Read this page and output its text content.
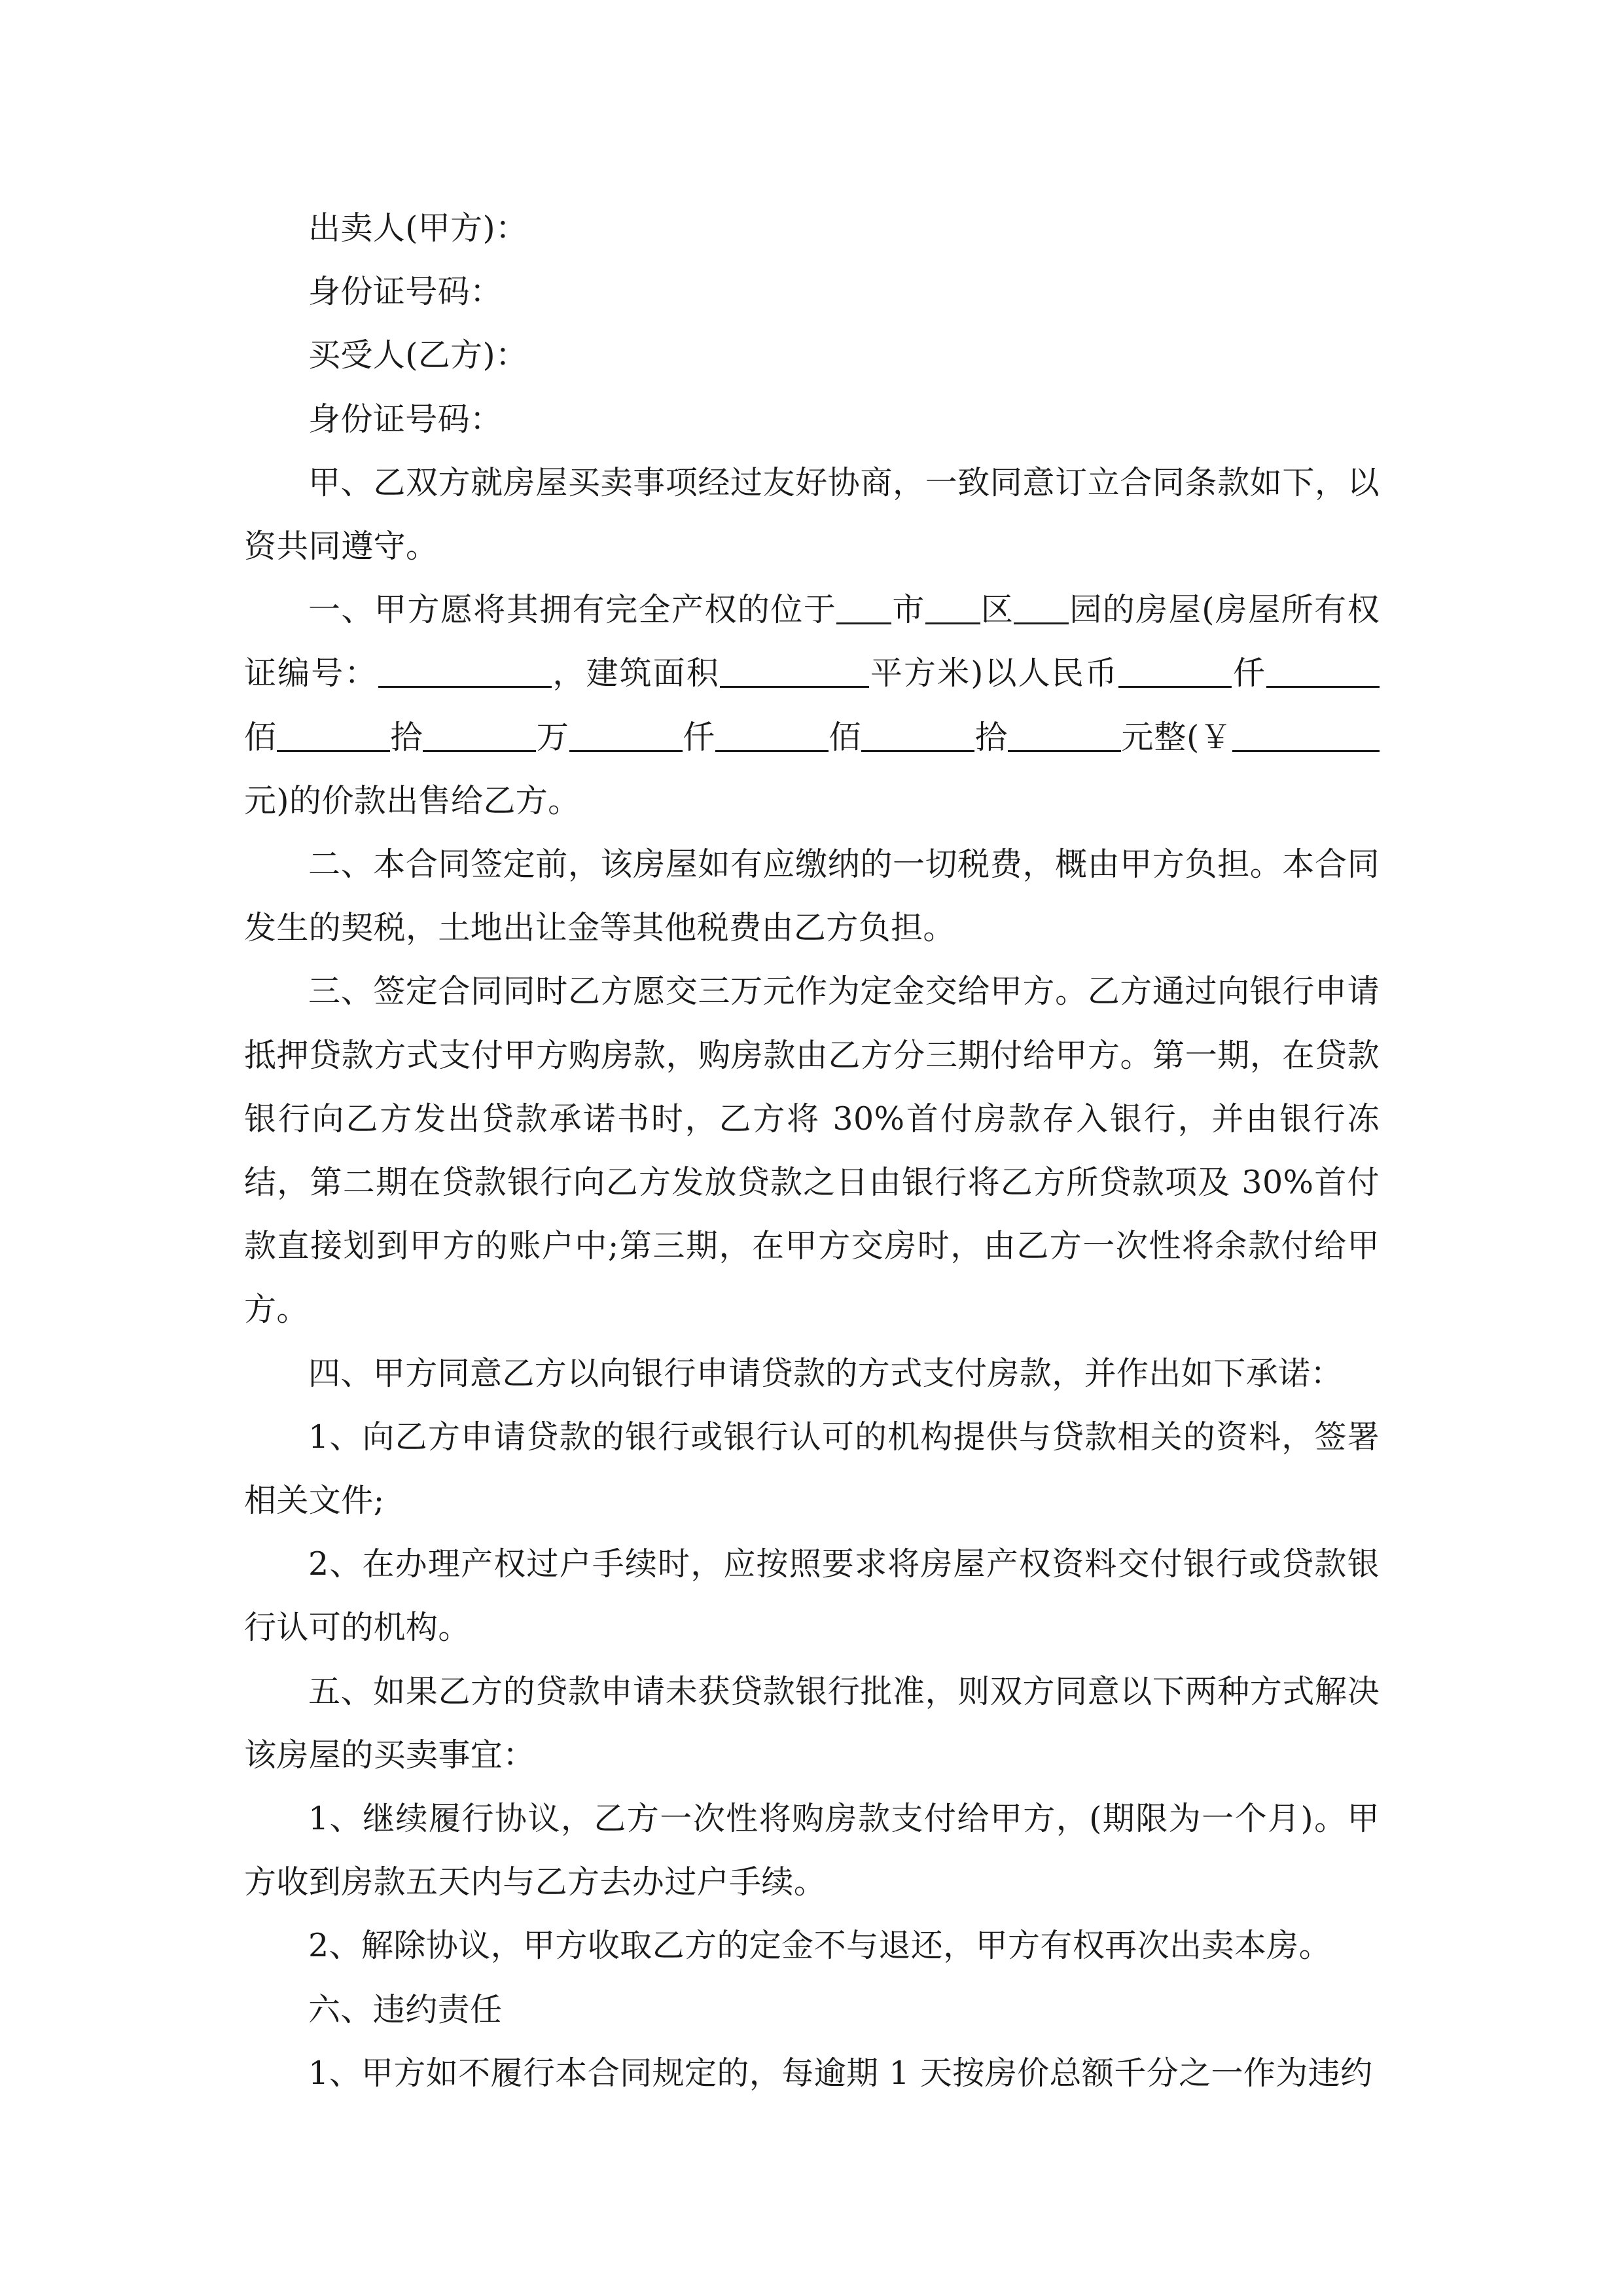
出卖人(甲方)：

身份证号码：

买受人(乙方)：

身份证号码：

甲、乙双方就房屋买卖事项经过友好协商，一致同意订立合同条款如下，以资共同遵守。

一、甲方愿将其拥有完全产权的位于 市 区 园的房屋(房屋所有权证编号：	，建筑面积	平方米)以人民币	仟佰	拾	万	仟	佰	拾	元整(￥元)的价款出售给乙方。

二、本合同签定前，该房屋如有应缴纳的一切税费，概由甲方负担。本合同发生的契税，土地出让金等其他税费由乙方负担。

三、签定合同同时乙方愿交三万元作为定金交给甲方。乙方通过向银行申请抵押贷款方式支付甲方购房款，购房款由乙方分三期付给甲方。第一期，在贷款银行向乙方发出贷款承诺书时，乙方将 30%首付房款存入银行，并由银行冻结，第二期在贷款银行向乙方发放贷款之日由银行将乙方所贷款项及 30%首付款直接划到甲方的账户中;第三期，在甲方交房时，由乙方一次性将余款付给甲方。

四、甲方同意乙方以向银行申请贷款的方式支付房款，并作出如下承诺：

1、向乙方申请贷款的银行或银行认可的机构提供与贷款相关的资料，签署相关文件;

2、在办理产权过户手续时，应按照要求将房屋产权资料交付银行或贷款银行认可的机构。

五、如果乙方的贷款申请未获贷款银行批准，则双方同意以下两种方式解决该房屋的买卖事宜：

1、继续履行协议，乙方一次性将购房款支付给甲方，(期限为一个月)。甲方收到房款五天内与乙方去办过户手续。

2、解除协议，甲方收取乙方的定金不与退还，甲方有权再次出卖本房。

六、违约责任

1、甲方如不履行本合同规定的，每逾期 1 天按房价总额千分之一作为违约
